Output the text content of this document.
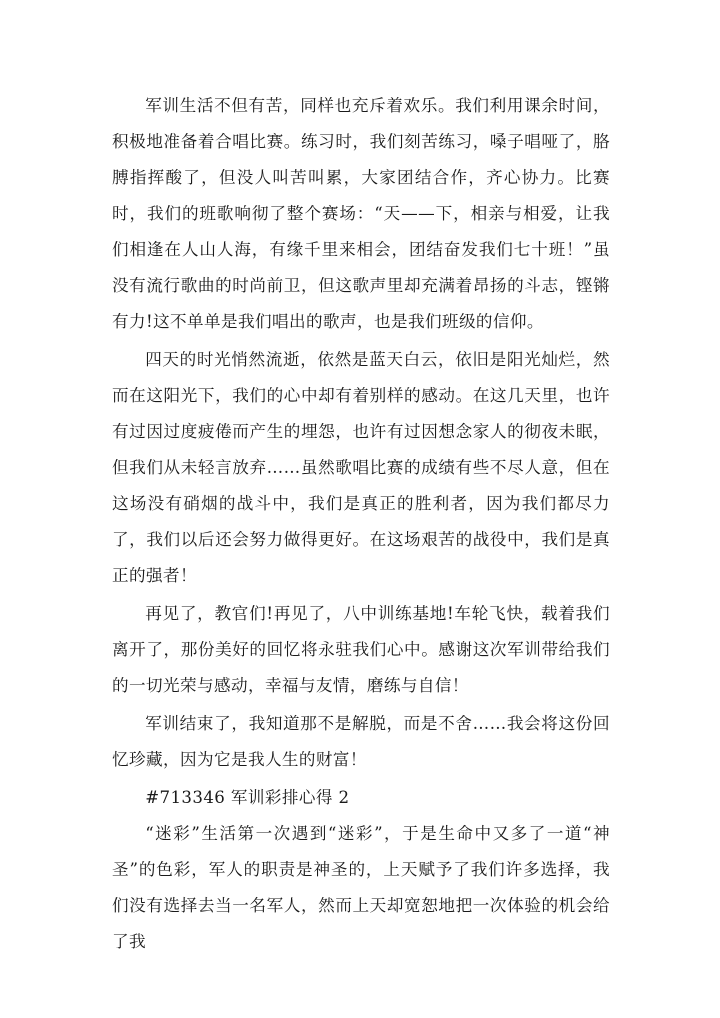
军训生活不但有苦，同样也充斥着欢乐。我们利用课余时间，积极地准备着合唱比赛。练习时，我们刻苦练习，嗓子唱哑了，胳膊指挥酸了，但没人叫苦叫累，大家团结合作，齐心协力。比赛时，我们的班歌响彻了整个赛场：“天——下，相亲与相爱，让我们相逢在人山人海，有缘千里来相会，团结奋发我们七十班！”虽没有流行歌曲的时尚前卫，但这歌声里却充满着昂扬的斗志，铿锵有力!这不单单是我们唱出的歌声，也是我们班级的信仰。

四天的时光悄然流逝，依然是蓝天白云，依旧是阳光灿烂，然而在这阳光下，我们的心中却有着别样的感动。在这几天里，也许有过因过度疲倦而产生的埋怨，也许有过因想念家人的彻夜未眠，但我们从未轻言放弃……虽然歌唱比赛的成绩有些不尽人意，但在这场没有硝烟的战斗中，我们是真正的胜利者，因为我们都尽力了，我们以后还会努力做得更好。在这场艰苦的战役中，我们是真正的强者！

再见了，教官们!再见了，八中训练基地!车轮飞快，载着我们离开了，那份美好的回忆将永驻我们心中。感谢这次军训带给我们的一切光荣与感动，幸福与友情，磨练与自信！

军训结束了，我知道那不是解脱，而是不舍……我会将这份回忆珍藏，因为它是我人生的财富！

#713346 军训彩排心得 2

“迷彩”生活第一次遇到“迷彩”，于是生命中又多了一道“神圣”的色彩，军人的职责是神圣的，上天赋予了我们许多选择，我们没有选择去当一名军人，然而上天却宽恕地把一次体验的机会给了我
